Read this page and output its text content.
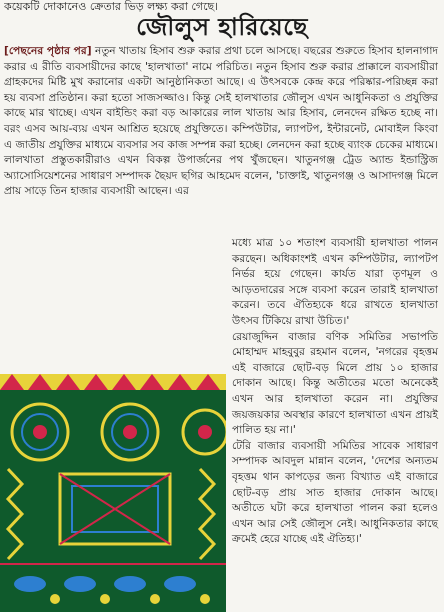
কয়েকটি দোকানেও ক্রেতার ভিড় লক্ষ্য করা গেছে।
জৌলুস হারিয়েছে
[পেছনের পৃষ্ঠার পর] নতুন খাতায় হিসাব শুরু করার প্রথা চলে আসছে। বছরের শুরুতে হিসাব হালনাগাদ করার এ রীতি ব্যবসায়ীদের কাছে 'হালখাতা' নামে পরিচিত। নতুন হিসাব শুরু করার প্রাক্কালে ব্যবসায়ীরা গ্রাহকদের মিষ্টি মুখ করানোর একটা আনুষ্ঠানিকতা আছে। এ উৎসবকে কেন্দ্র করে পরিষ্কার-পরিচ্ছন্ন করা হয় ব্যবসা প্রতিষ্ঠান। করা হতো সাজসজ্জাও। কিন্তু সেই হালখাতার জৌলুস এখন আধুনিকতা ও প্রযুক্তির কাছে মার খাচ্ছে। এখন বাইন্ডিং করা বড় আকারের লাল খাতায় আর হিসাব, লেনদেন রক্ষিত হচ্ছে না। বরং এসব আয়-ব্যয় এখন আশ্রিত হয়েছে প্রযুক্তিতে। কম্পিউটার, ল্যাপটপ, ইন্টারনেট, মোবাইল কিংবা এ জাতীয় প্রযুক্তির মাধ্যমে ব্যবসার সব কাজ সম্পন্ন করা হচ্ছে। লেনদেন করা হচ্ছে ব্যাংক চেকের মাধ্যমে। লালখাতা প্রস্তুতকারীরাও এখন বিকল্প উপার্জনের পথ খুঁজছেন। খাতুনগঞ্জ ট্রেড অ্যান্ড ইন্ডাস্ট্রিজ অ্যাসোসিয়েশনের সাধারণ সম্পাদক ছৈয়দ ছগির আহমেদ বলেন, 'চাক্তাই, খাতুনগঞ্জ ও আসাদগঞ্জ মিলে প্রায় সাড়ে তিন হাজার ব্যবসায়ী আছেন। এর

মধ্যে মাত্র ১০ শতাংশ ব্যবসায়ী হালখাতা পালন করছেন। অধিকাংশই এখন কম্পিউটার, ল্যাপটপ নির্ভর হয়ে গেছেন। কার্যত যারা তৃণমূল ও আড়তদারের সঙ্গে ব্যবসা করেন তারাই হালখাতা করেন। তবে ঐতিহ্যকে ধরে রাখতে হালখাতা উৎসব টিকিয়ে রাখা উচিত।'

রেয়াজুদ্দিন বাজার বণিক সমিতির সভাপতি মোহাম্মদ মাহবুবুর রহমান বলেন, 'নগরের বৃহত্তম এই বাজারে ছোট-বড় মিলে প্রায় ১০ হাজার দোকান আছে। কিন্তু অতীতের মতো অনেকেই এখন আর হালখাতা করেন না। প্রযুক্তির জয়জয়কার অবস্থার কারণে হালখাতা এখন প্রায়ই পালিত হয় না।'

টেরি বাজার ব্যবসায়ী সমিতির সাবেক সাধারণ সম্পাদক আবদুল মান্নান বলেন, 'দেশের অন্যতম বৃহত্তম থান কাপড়ের জন্য বিখ্যাত এই বাজারে ছোট-বড় প্রায় সাত হাজার দোকান আছে। অতীতে ঘটা করে হালখাতা পালন করা হলেও এখন আর সেই জৌলুস নেই। আধুনিকতার কাছে ক্রমেই হেরে যাচ্ছে এই ঐতিহ্য।'
